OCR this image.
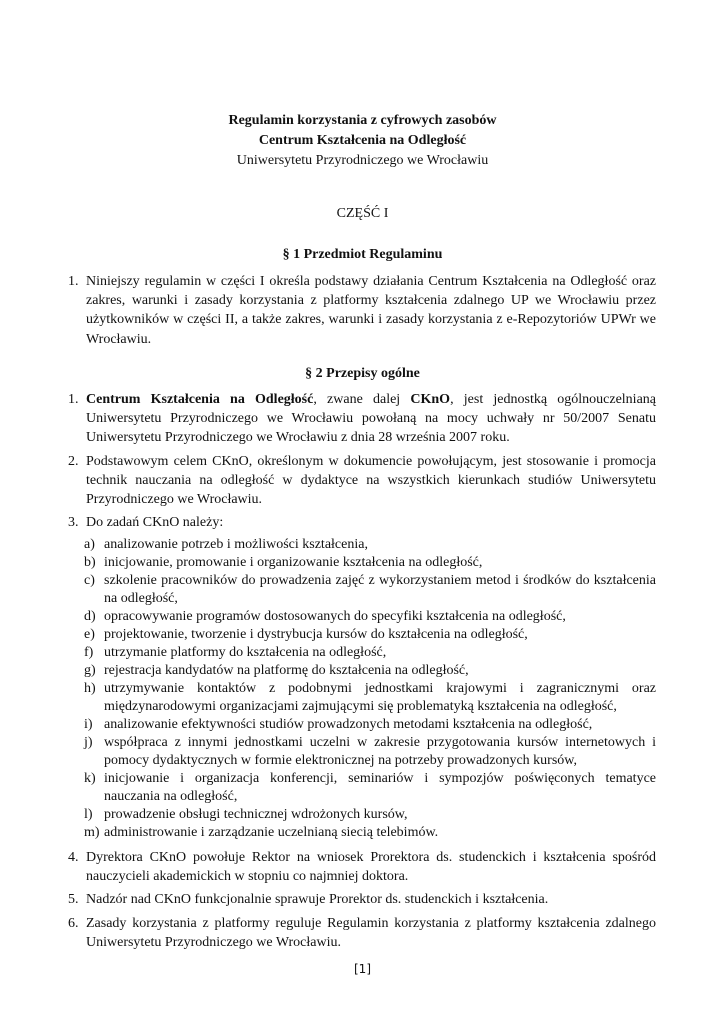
Regulamin korzystania z cyfrowych zasobów
Centrum Kształcenia na Odległość
Uniwersytetu Przyrodniczego we Wrocławiu
CZĘŚĆ I
§ 1 Przedmiot Regulaminu
1. Niniejszy regulamin w części I określa podstawy działania Centrum Kształcenia na Odległość oraz zakres, warunki i zasady korzystania z platformy kształcenia zdalnego UP we Wrocławiu przez użytkowników w części II, a także zakres, warunki i zasady korzystania z e-Repozytoriów UPWr we Wrocławiu.
§ 2 Przepisy ogólne
1. Centrum Kształcenia na Odległość, zwane dalej CKnO, jest jednostką ogólnouczelnianą Uniwersytetu Przyrodniczego we Wrocławiu powołaną na mocy uchwały nr 50/2007 Senatu Uniwersytetu Przyrodniczego we Wrocławiu z dnia 28 września 2007 roku.
2. Podstawowym celem CKnO, określonym w dokumencie powołującym, jest stosowanie i promocja technik nauczania na odległość w dydaktyce na wszystkich kierunkach studiów Uniwersytetu Przyrodniczego we Wrocławiu.
3. Do zadań CKnO należy:
a) analizowanie potrzeb i możliwości kształcenia,
b) inicjowanie, promowanie i organizowanie kształcenia na odległość,
c) szkolenie pracowników do prowadzenia zajęć z wykorzystaniem metod i środków do kształcenia na odległość,
d) opracowywanie programów dostosowanych do specyfiki kształcenia na odległość,
e) projektowanie, tworzenie i dystrybucja kursów do kształcenia na odległość,
f) utrzymanie platformy do kształcenia na odległość,
g) rejestracja kandydatów na platformę do kształcenia na odległość,
h) utrzymywanie kontaktów z podobnymi jednostkami krajowymi i zagranicznymi oraz międzynarodowymi organizacjami zajmującymi się problematyką kształcenia na odległość,
i) analizowanie efektywności studiów prowadzonych metodami kształcenia na odległość,
j) współpraca z innymi jednostkami uczelni w zakresie przygotowania kursów internetowych i pomocy dydaktycznych w formie elektronicznej na potrzeby prowadzonych kursów,
k) inicjowanie i organizacja konferencji, seminariów i sympozjów poświęconych tematyce nauczania na odległość,
l) prowadzenie obsługi technicznej wdrożonych kursów,
m) administrowanie i zarządzanie uczelnianą siecią telebimów.
4. Dyrektora CKnO powołuje Rektor na wniosek Prorektora ds. studenckich i kształcenia spośród nauczycieli akademickich w stopniu co najmniej doktora.
5. Nadzór nad CKnO funkcjonalnie sprawuje Prorektor ds. studenckich i kształcenia.
6. Zasady korzystania z platformy reguluje Regulamin korzystania z platformy kształcenia zdalnego Uniwersytetu Przyrodniczego we Wrocławiu.
[1]
